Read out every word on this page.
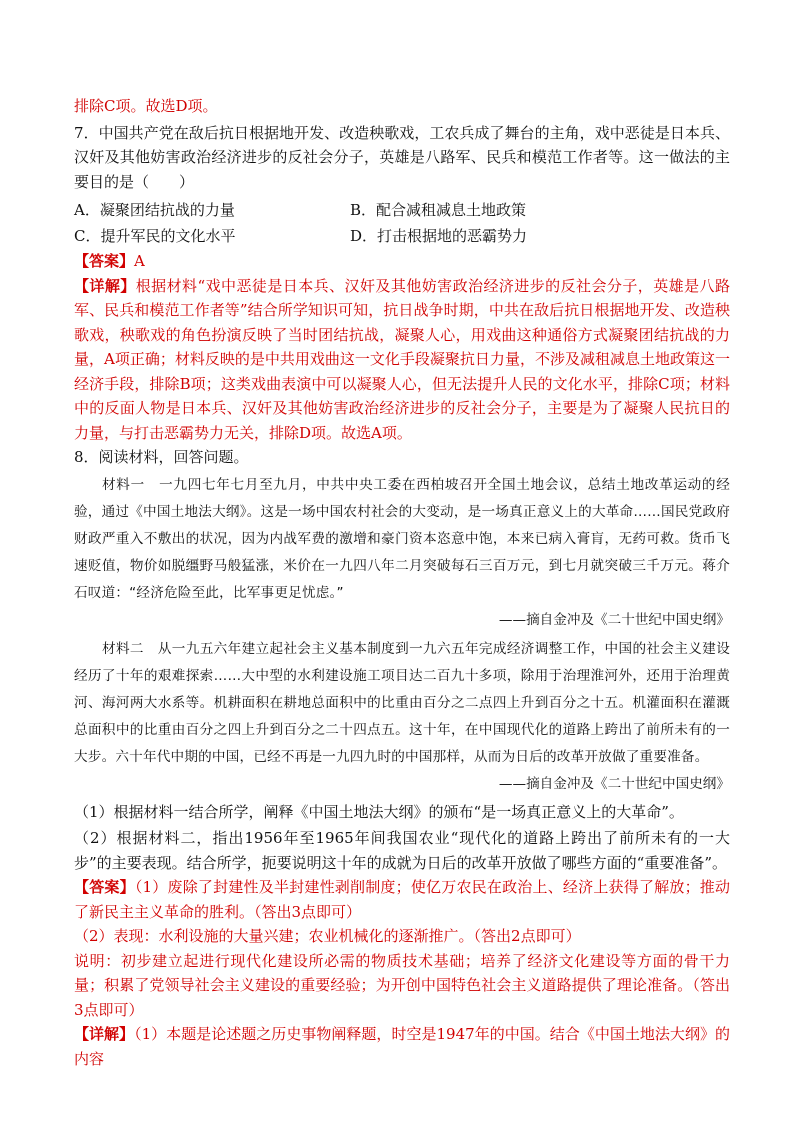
排除C项。故选D项。

7．中国共产党在敌后抗日根据地开发、改造秧歌戏，工农兵成了舞台的主角，戏中恶徒是日本兵、汉奸及其他妨害政治经济进步的反社会分子，英雄是八路军、民兵和模范工作者等。这一做法的主要目的是（　　）

A．凝聚团结抗战的力量	B．配合减租减息土地政策
C．提升军民的文化水平	D．打击根据地的恶霸势力

【答案】A

【详解】根据材料“戏中恶徒是日本兵、汉奸及其他妨害政治经济进步的反社会分子，英雄是八路军、民兵和模范工作者等”结合所学知识可知，抗日战争时期，中共在敌后抗日根据地开发、改造秧歌戏，秧歌戏的角色扮演反映了当时团结抗战，凝聚人心，用戏曲这种通俗方式凝聚团结抗战的力量，A项正确；材料反映的是中共用戏曲这一文化手段凝聚抗日力量，不涉及减租减息土地政策这一经济手段，排除B项；这类戏曲表演中可以凝聚人心，但无法提升人民的文化水平，排除C项；材料中的反面人物是日本兵、汉奸及其他妨害政治经济进步的反社会分子，主要是为了凝聚人民抗日的力量，与打击恶霸势力无关，排除D项。故选A项。

8．阅读材料，回答问题。

材料一　一九四七年七月至九月，中共中央工委在西柏坡召开全国土地会议，总结土地改革运动的经验，通过《中国土地法大纲》。这是一场中国农村社会的大变动，是一场真正意义上的大革命……国民党政府财政严重入不敷出的状况，因为内战军费的激增和豪门资本恣意中饱，本来已病入膏肓，无药可救。货币飞速贬值，物价如脱缰野马般猛涨，米价在一九四八年二月突破每石三百万元，到七月就突破三千万元。蒋介石叹道：“经济危险至此，比军事更足忧虑。”

——摘自金冲及《二十世纪中国史纲》

材料二　从一九五六年建立起社会主义基本制度到一九六五年完成经济调整工作，中国的社会主义建设经历了十年的艰难探索……大中型的水利建设施工项目达二百九十多项，除用于治理淮河外，还用于治理黄河、海河两大水系等。机耕面积在耕地总面积中的比重由百分之二点四上升到百分之十五。机灌面积在灌溉总面积中的比重由百分之四上升到百分之二十四点五。这十年，在中国现代化的道路上跨出了前所未有的一大步。六十年代中期的中国，已经不再是一九四九时的中国那样，从而为日后的改革开放做了重要准备。

——摘自金冲及《二十世纪中国史纲》

（1）根据材料一结合所学，阐释《中国土地法大纲》的颁布“是一场真正意义上的大革命”。

（2）根据材料二，指出1956年至1965年间我国农业“现代化的道路上跨出了前所未有的一大步”的主要表现。结合所学，扼要说明这十年的成就为日后的改革开放做了哪些方面的“重要准备”。

【答案】（1）废除了封建性及半封建性剥削制度；使亿万农民在政治上、经济上获得了解放；推动了新民主主义革命的胜利。（答出3点即可）

（2）表现：水利设施的大量兴建；农业机械化的逐渐推广。（答出2点即可）

说明：初步建立起进行现代化建设所必需的物质技术基础；培养了经济文化建设等方面的骨干力量；积累了党领导社会主义建设的重要经验；为开创中国特色社会主义道路提供了理论准备。（答出3点即可）

【详解】（1）本题是论述题之历史事物阐释题，时空是1947年的中国。结合《中国土地法大纲》的内容
